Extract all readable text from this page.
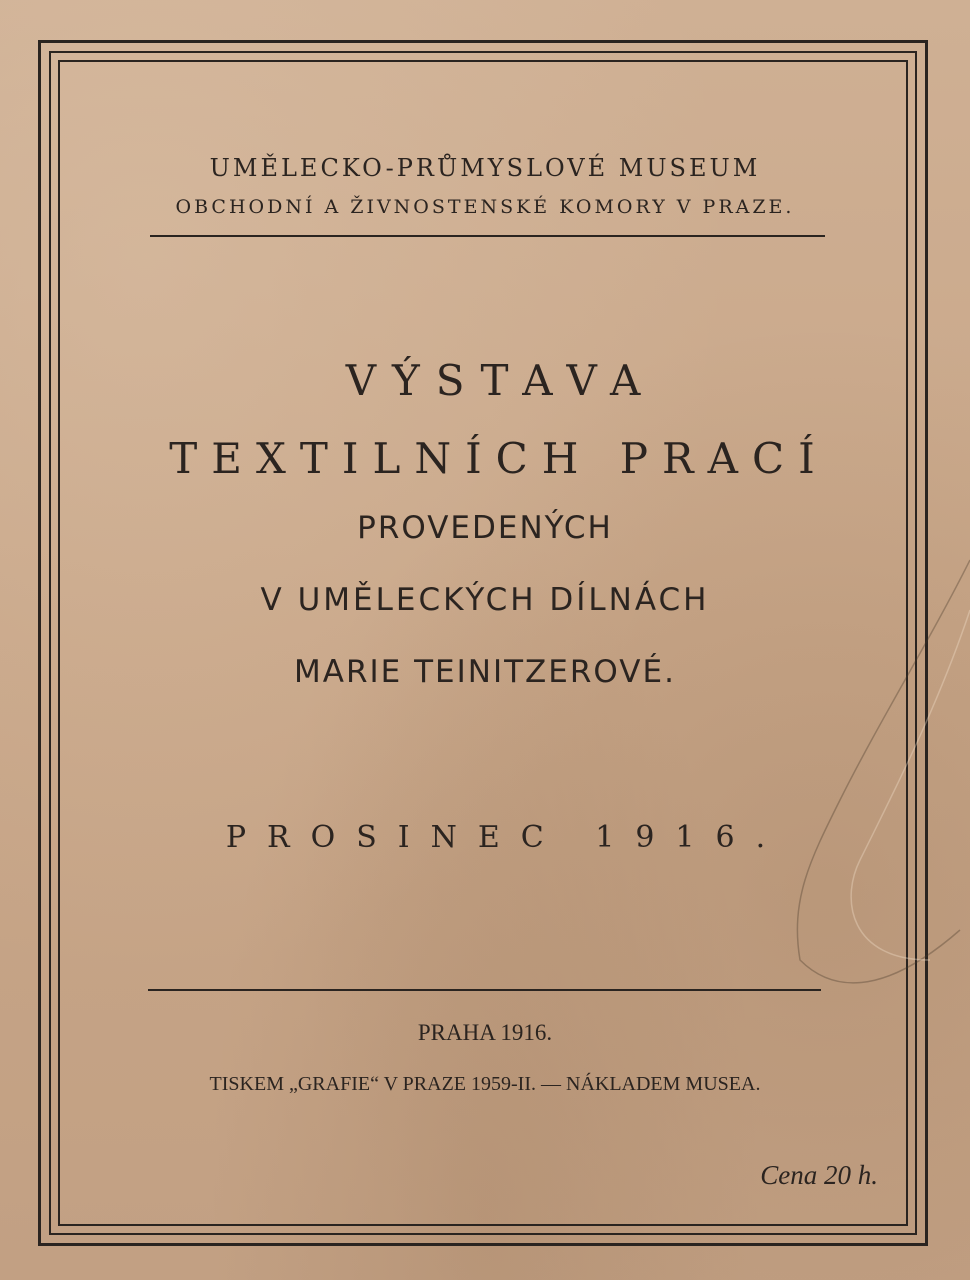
UMĚLECKO-PRŮMYSLOVÉ MUSEUM
OBCHODNÍ A ŽIVNOSTENSKÉ KOMORY V PRAZE.
VÝSTAVA
TEXTILNÍCH PRACÍ
PROVEDENÝCH
V UMĚLECKÝCH DÍLNÁCH
MARIE TEINITZEROVÉ.
PROSINEC 1916.
PRAHA 1916.
TISKEM „GRAFIE“ V PRAZE 1959-II. — NÁKLADEM MUSEA.
Cena 20 h.
